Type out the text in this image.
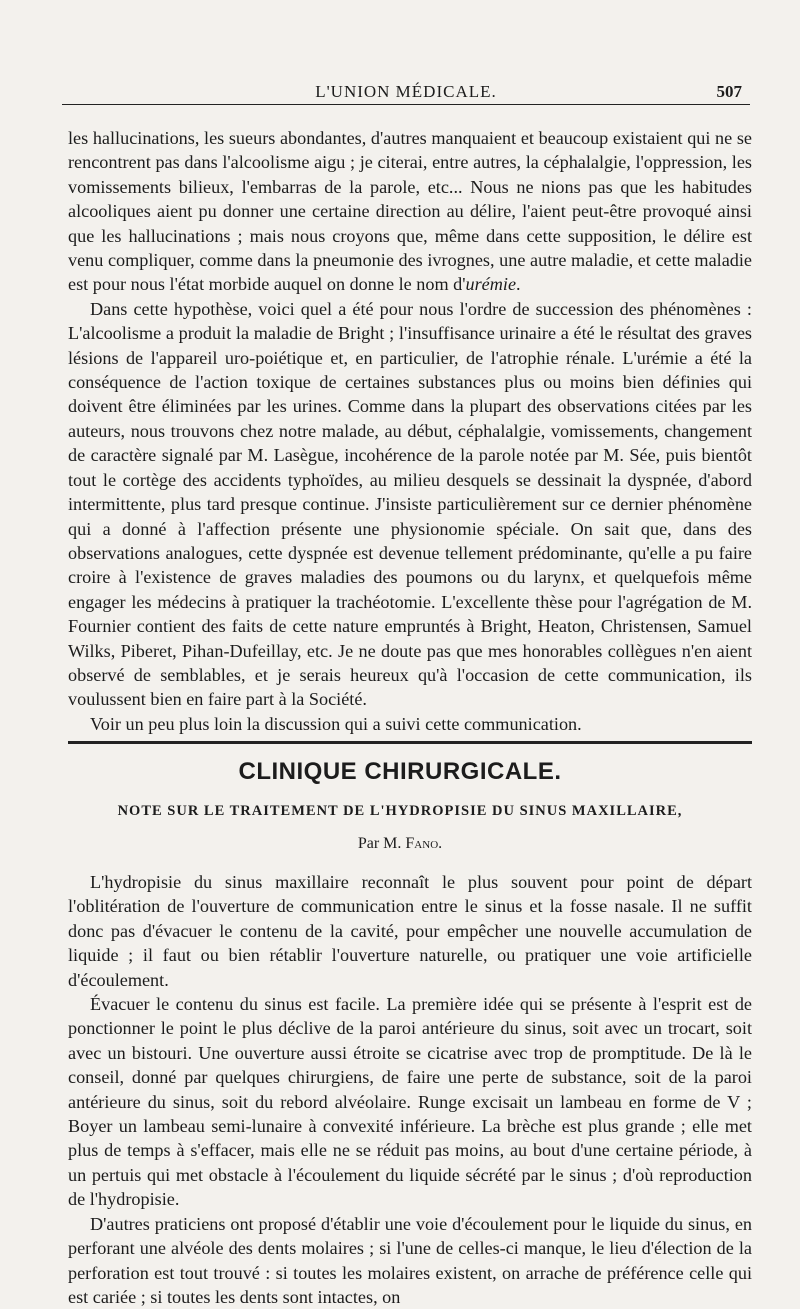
L'UNION MÉDICALE.	507

les hallucinations, les sueurs abondantes, d'autres manquaient et beaucoup existaient qui ne se rencontrent pas dans l'alcoolisme aigu ; je citerai, entre autres, la céphalalgie, l'oppression, les vomissements bilieux, l'embarras de la parole, etc... Nous ne nions pas que les habitudes alcooliques aient pu donner une certaine direction au délire, l'aient peut-être provoqué ainsi que les hallucinations ; mais nous croyons que, même dans cette supposition, le délire est venu compliquer, comme dans la pneumonie des ivrognes, une autre maladie, et cette maladie est pour nous l'état morbide auquel on donne le nom d'urémie.

Dans cette hypothèse, voici quel a été pour nous l'ordre de succession des phénomènes : L'alcoolisme a produit la maladie de Bright ; l'insuffisance urinaire a été le résultat des graves lésions de l'appareil uro-poiétique et, en particulier, de l'atrophie rénale. L'urémie a été la conséquence de l'action toxique de certaines substances plus ou moins bien définies qui doivent être éliminées par les urines. Comme dans la plupart des observations citées par les auteurs, nous trouvons chez notre malade, au début, céphalalgie, vomissements, changement de caractère signalé par M. Lasègue, incohérence de la parole notée par M. Sée, puis bientôt tout le cortège des accidents typhoïdes, au milieu desquels se dessinait la dyspnée, d'abord intermittente, plus tard presque continue. J'insiste particulièrement sur ce dernier phénomène qui a donné à l'affection présente une physionomie spéciale. On sait que, dans des observations analogues, cette dyspnée est devenue tellement prédominante, qu'elle a pu faire croire à l'existence de graves maladies des poumons ou du larynx, et quelquefois même engager les médecins à pratiquer la trachéotomie. L'excellente thèse pour l'agrégation de M. Fournier contient des faits de cette nature empruntés à Bright, Heaton, Christensen, Samuel Wilks, Piberet, Pihan-Dufeillay, etc. Je ne doute pas que mes honorables collègues n'en aient observé de semblables, et je serais heureux qu'à l'occasion de cette communication, ils voulussent bien en faire part à la Société.

Voir un peu plus loin la discussion qui a suivi cette communication.

CLINIQUE CHIRURGICALE.
NOTE SUR LE TRAITEMENT DE L'HYDROPISIE DU SINUS MAXILLAIRE,
Par M. Fano.

L'hydropisie du sinus maxillaire reconnaît le plus souvent pour point de départ l'oblitération de l'ouverture de communication entre le sinus et la fosse nasale. Il ne suffit donc pas d'évacuer le contenu de la cavité, pour empêcher une nouvelle accumulation de liquide ; il faut ou bien rétablir l'ouverture naturelle, ou pratiquer une voie artificielle d'écoulement.

Évacuer le contenu du sinus est facile. La première idée qui se présente à l'esprit est de ponctionner le point le plus déclive de la paroi antérieure du sinus, soit avec un trocart, soit avec un bistouri. Une ouverture aussi étroite se cicatrise avec trop de promptitude. De là le conseil, donné par quelques chirurgiens, de faire une perte de substance, soit de la paroi antérieure du sinus, soit du rebord alvéolaire. Runge excisait un lambeau en forme de V ; Boyer un lambeau semi-lunaire à convexité inférieure. La brèche est plus grande ; elle met plus de temps à s'effacer, mais elle ne se réduit pas moins, au bout d'une certaine période, à un pertuis qui met obstacle à l'écoulement du liquide sécrété par le sinus ; d'où reproduction de l'hydropisie.

D'autres praticiens ont proposé d'établir une voie d'écoulement pour le liquide du sinus, en perforant une alvéole des dents molaires ; si l'une de celles-ci manque, le lieu d'élection de la perforation est tout trouvé : si toutes les molaires existent, on arrache de préférence celle qui est cariée ; si toutes les dents sont intactes, on
